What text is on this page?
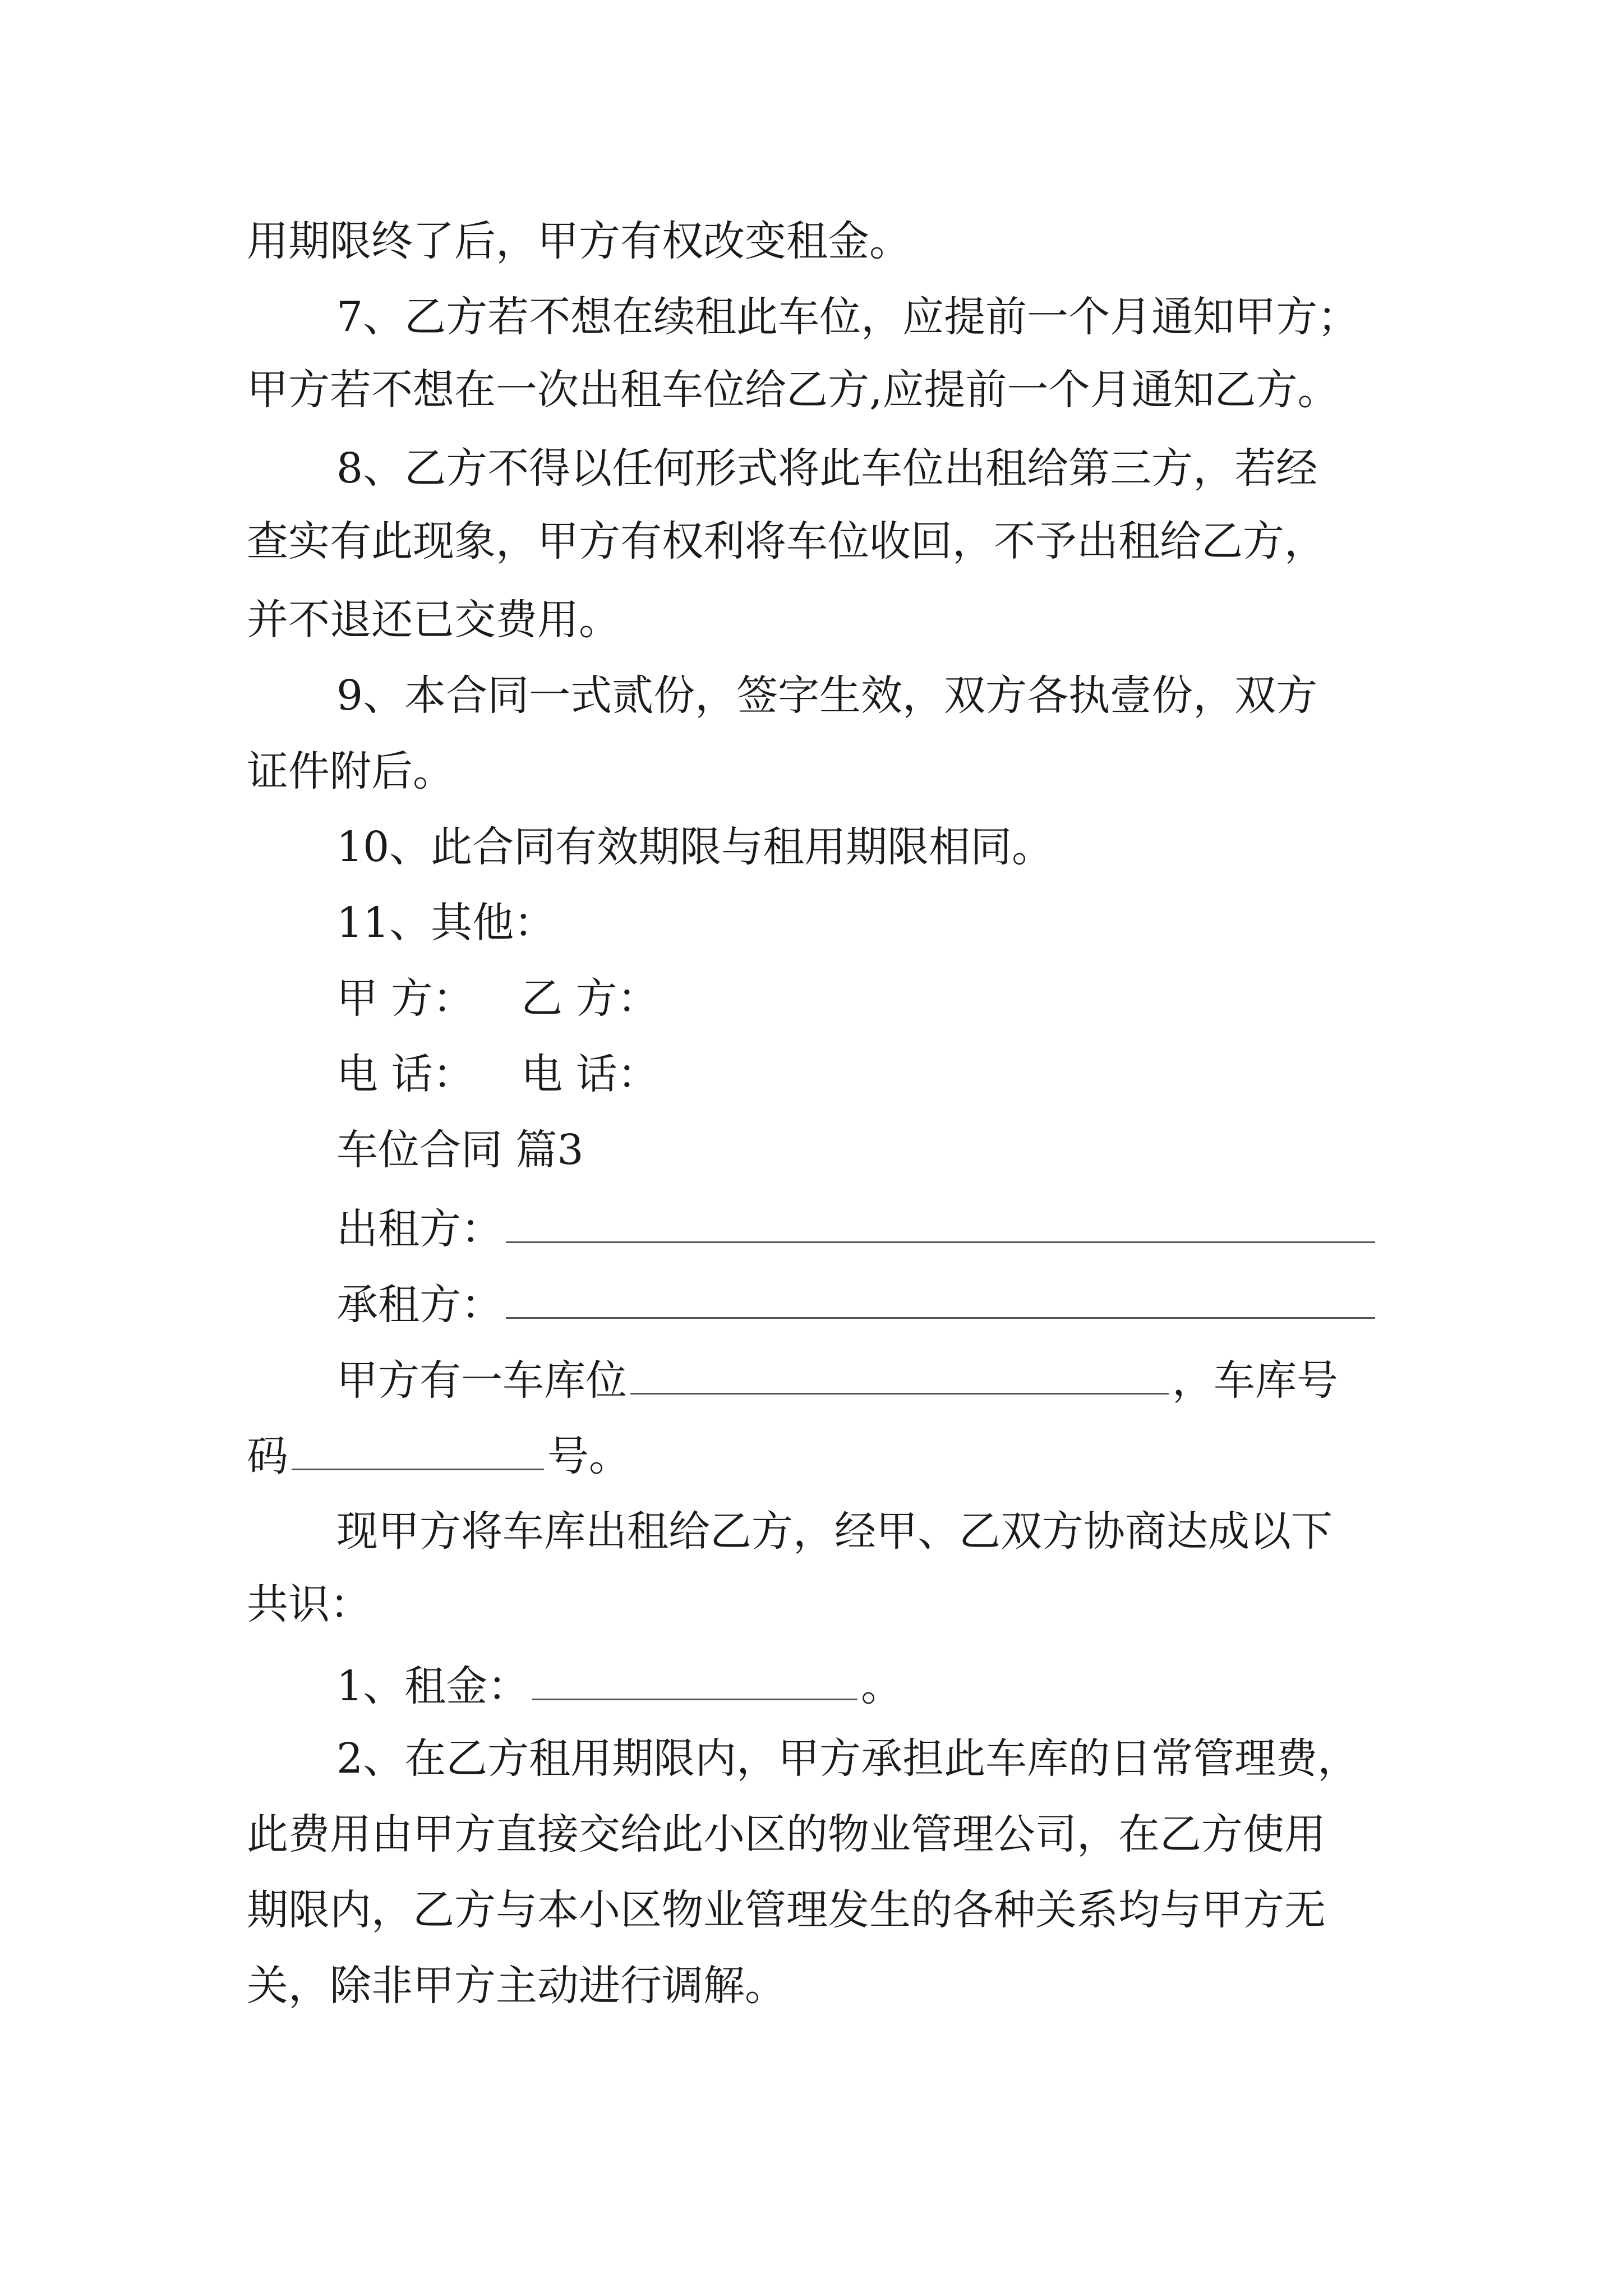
用期限终了后，甲方有权改变租金。
7、乙方若不想在续租此车位，应提前一个月通知甲方；
甲方若不想在一次出租车位给乙方,应提前一个月通知乙方。
8、乙方不得以任何形式将此车位出租给第三方，若经
查实有此现象，甲方有权利将车位收回，不予出租给乙方，
并不退还已交费用。
9、本合同一式贰份，签字生效，双方各执壹份，双方
证件附后。
10、此合同有效期限与租用期限相同。
11、其他：
甲 方： 乙 方：
电 话： 电 话：
车位合同 篇3
出租方：
承租方：
甲方有一车库位	，车库号
码	号。
现甲方将车库出租给乙方，经甲、乙双方协商达成以下
共识：
1、租金：	。
2、在乙方租用期限内，甲方承担此车库的日常管理费，
此费用由甲方直接交给此小区的物业管理公司，在乙方使用
期限内，乙方与本小区物业管理发生的各种关系均与甲方无
关，除非甲方主动进行调解。
